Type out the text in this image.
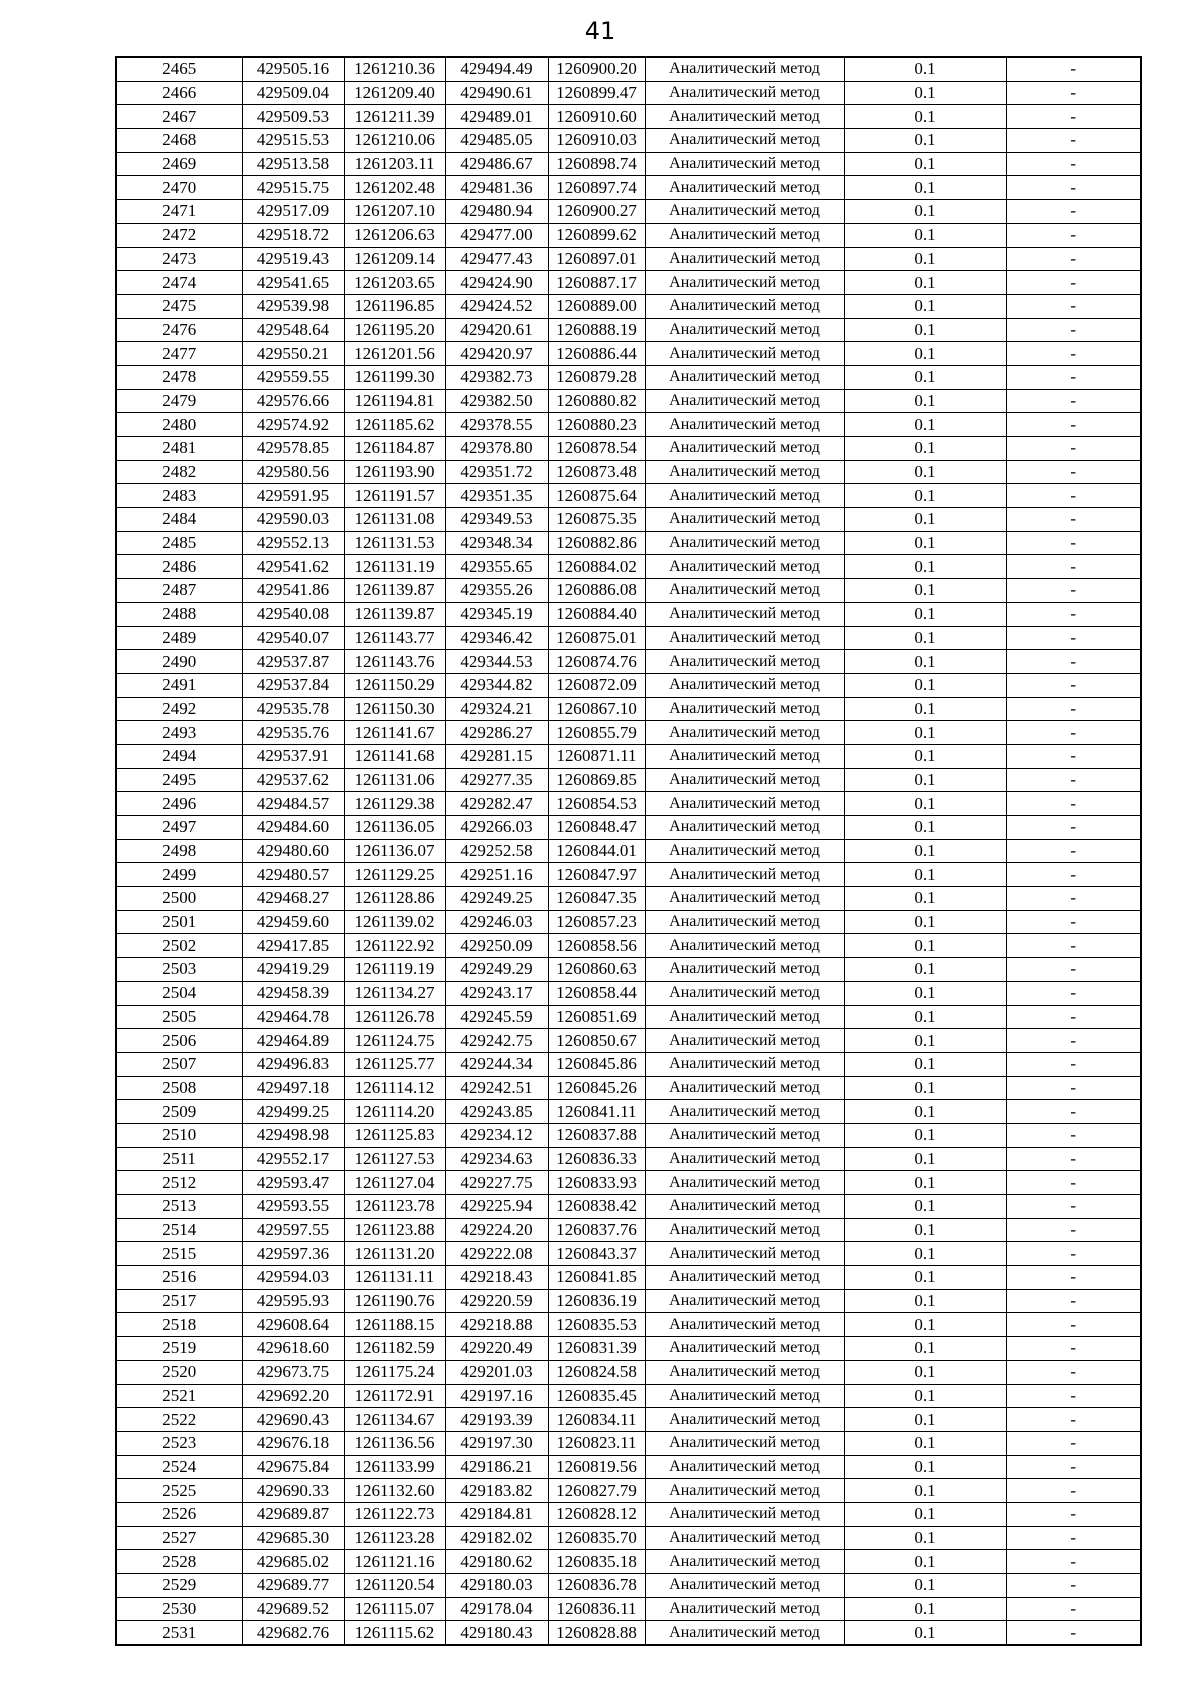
41
2465	429505.16	1261210.36	429494.49	1260900.20	Аналитический метод	0.1	-
2466	429509.04	1261209.40	429490.61	1260899.47	Аналитический метод	0.1	-
2467	429509.53	1261211.39	429489.01	1260910.60	Аналитический метод	0.1	-
2468	429515.53	1261210.06	429485.05	1260910.03	Аналитический метод	0.1	-
2469	429513.58	1261203.11	429486.67	1260898.74	Аналитический метод	0.1	-
2470	429515.75	1261202.48	429481.36	1260897.74	Аналитический метод	0.1	-
2471	429517.09	1261207.10	429480.94	1260900.27	Аналитический метод	0.1	-
2472	429518.72	1261206.63	429477.00	1260899.62	Аналитический метод	0.1	-
2473	429519.43	1261209.14	429477.43	1260897.01	Аналитический метод	0.1	-
2474	429541.65	1261203.65	429424.90	1260887.17	Аналитический метод	0.1	-
2475	429539.98	1261196.85	429424.52	1260889.00	Аналитический метод	0.1	-
2476	429548.64	1261195.20	429420.61	1260888.19	Аналитический метод	0.1	-
2477	429550.21	1261201.56	429420.97	1260886.44	Аналитический метод	0.1	-
2478	429559.55	1261199.30	429382.73	1260879.28	Аналитический метод	0.1	-
2479	429576.66	1261194.81	429382.50	1260880.82	Аналитический метод	0.1	-
2480	429574.92	1261185.62	429378.55	1260880.23	Аналитический метод	0.1	-
2481	429578.85	1261184.87	429378.80	1260878.54	Аналитический метод	0.1	-
2482	429580.56	1261193.90	429351.72	1260873.48	Аналитический метод	0.1	-
2483	429591.95	1261191.57	429351.35	1260875.64	Аналитический метод	0.1	-
2484	429590.03	1261131.08	429349.53	1260875.35	Аналитический метод	0.1	-
2485	429552.13	1261131.53	429348.34	1260882.86	Аналитический метод	0.1	-
2486	429541.62	1261131.19	429355.65	1260884.02	Аналитический метод	0.1	-
2487	429541.86	1261139.87	429355.26	1260886.08	Аналитический метод	0.1	-
2488	429540.08	1261139.87	429345.19	1260884.40	Аналитический метод	0.1	-
2489	429540.07	1261143.77	429346.42	1260875.01	Аналитический метод	0.1	-
2490	429537.87	1261143.76	429344.53	1260874.76	Аналитический метод	0.1	-
2491	429537.84	1261150.29	429344.82	1260872.09	Аналитический метод	0.1	-
2492	429535.78	1261150.30	429324.21	1260867.10	Аналитический метод	0.1	-
2493	429535.76	1261141.67	429286.27	1260855.79	Аналитический метод	0.1	-
2494	429537.91	1261141.68	429281.15	1260871.11	Аналитический метод	0.1	-
2495	429537.62	1261131.06	429277.35	1260869.85	Аналитический метод	0.1	-
2496	429484.57	1261129.38	429282.47	1260854.53	Аналитический метод	0.1	-
2497	429484.60	1261136.05	429266.03	1260848.47	Аналитический метод	0.1	-
2498	429480.60	1261136.07	429252.58	1260844.01	Аналитический метод	0.1	-
2499	429480.57	1261129.25	429251.16	1260847.97	Аналитический метод	0.1	-
2500	429468.27	1261128.86	429249.25	1260847.35	Аналитический метод	0.1	-
2501	429459.60	1261139.02	429246.03	1260857.23	Аналитический метод	0.1	-
2502	429417.85	1261122.92	429250.09	1260858.56	Аналитический метод	0.1	-
2503	429419.29	1261119.19	429249.29	1260860.63	Аналитический метод	0.1	-
2504	429458.39	1261134.27	429243.17	1260858.44	Аналитический метод	0.1	-
2505	429464.78	1261126.78	429245.59	1260851.69	Аналитический метод	0.1	-
2506	429464.89	1261124.75	429242.75	1260850.67	Аналитический метод	0.1	-
2507	429496.83	1261125.77	429244.34	1260845.86	Аналитический метод	0.1	-
2508	429497.18	1261114.12	429242.51	1260845.26	Аналитический метод	0.1	-
2509	429499.25	1261114.20	429243.85	1260841.11	Аналитический метод	0.1	-
2510	429498.98	1261125.83	429234.12	1260837.88	Аналитический метод	0.1	-
2511	429552.17	1261127.53	429234.63	1260836.33	Аналитический метод	0.1	-
2512	429593.47	1261127.04	429227.75	1260833.93	Аналитический метод	0.1	-
2513	429593.55	1261123.78	429225.94	1260838.42	Аналитический метод	0.1	-
2514	429597.55	1261123.88	429224.20	1260837.76	Аналитический метод	0.1	-
2515	429597.36	1261131.20	429222.08	1260843.37	Аналитический метод	0.1	-
2516	429594.03	1261131.11	429218.43	1260841.85	Аналитический метод	0.1	-
2517	429595.93	1261190.76	429220.59	1260836.19	Аналитический метод	0.1	-
2518	429608.64	1261188.15	429218.88	1260835.53	Аналитический метод	0.1	-
2519	429618.60	1261182.59	429220.49	1260831.39	Аналитический метод	0.1	-
2520	429673.75	1261175.24	429201.03	1260824.58	Аналитический метод	0.1	-
2521	429692.20	1261172.91	429197.16	1260835.45	Аналитический метод	0.1	-
2522	429690.43	1261134.67	429193.39	1260834.11	Аналитический метод	0.1	-
2523	429676.18	1261136.56	429197.30	1260823.11	Аналитический метод	0.1	-
2524	429675.84	1261133.99	429186.21	1260819.56	Аналитический метод	0.1	-
2525	429690.33	1261132.60	429183.82	1260827.79	Аналитический метод	0.1	-
2526	429689.87	1261122.73	429184.81	1260828.12	Аналитический метод	0.1	-
2527	429685.30	1261123.28	429182.02	1260835.70	Аналитический метод	0.1	-
2528	429685.02	1261121.16	429180.62	1260835.18	Аналитический метод	0.1	-
2529	429689.77	1261120.54	429180.03	1260836.78	Аналитический метод	0.1	-
2530	429689.52	1261115.07	429178.04	1260836.11	Аналитический метод	0.1	-
2531	429682.76	1261115.62	429180.43	1260828.88	Аналитический метод	0.1	-
